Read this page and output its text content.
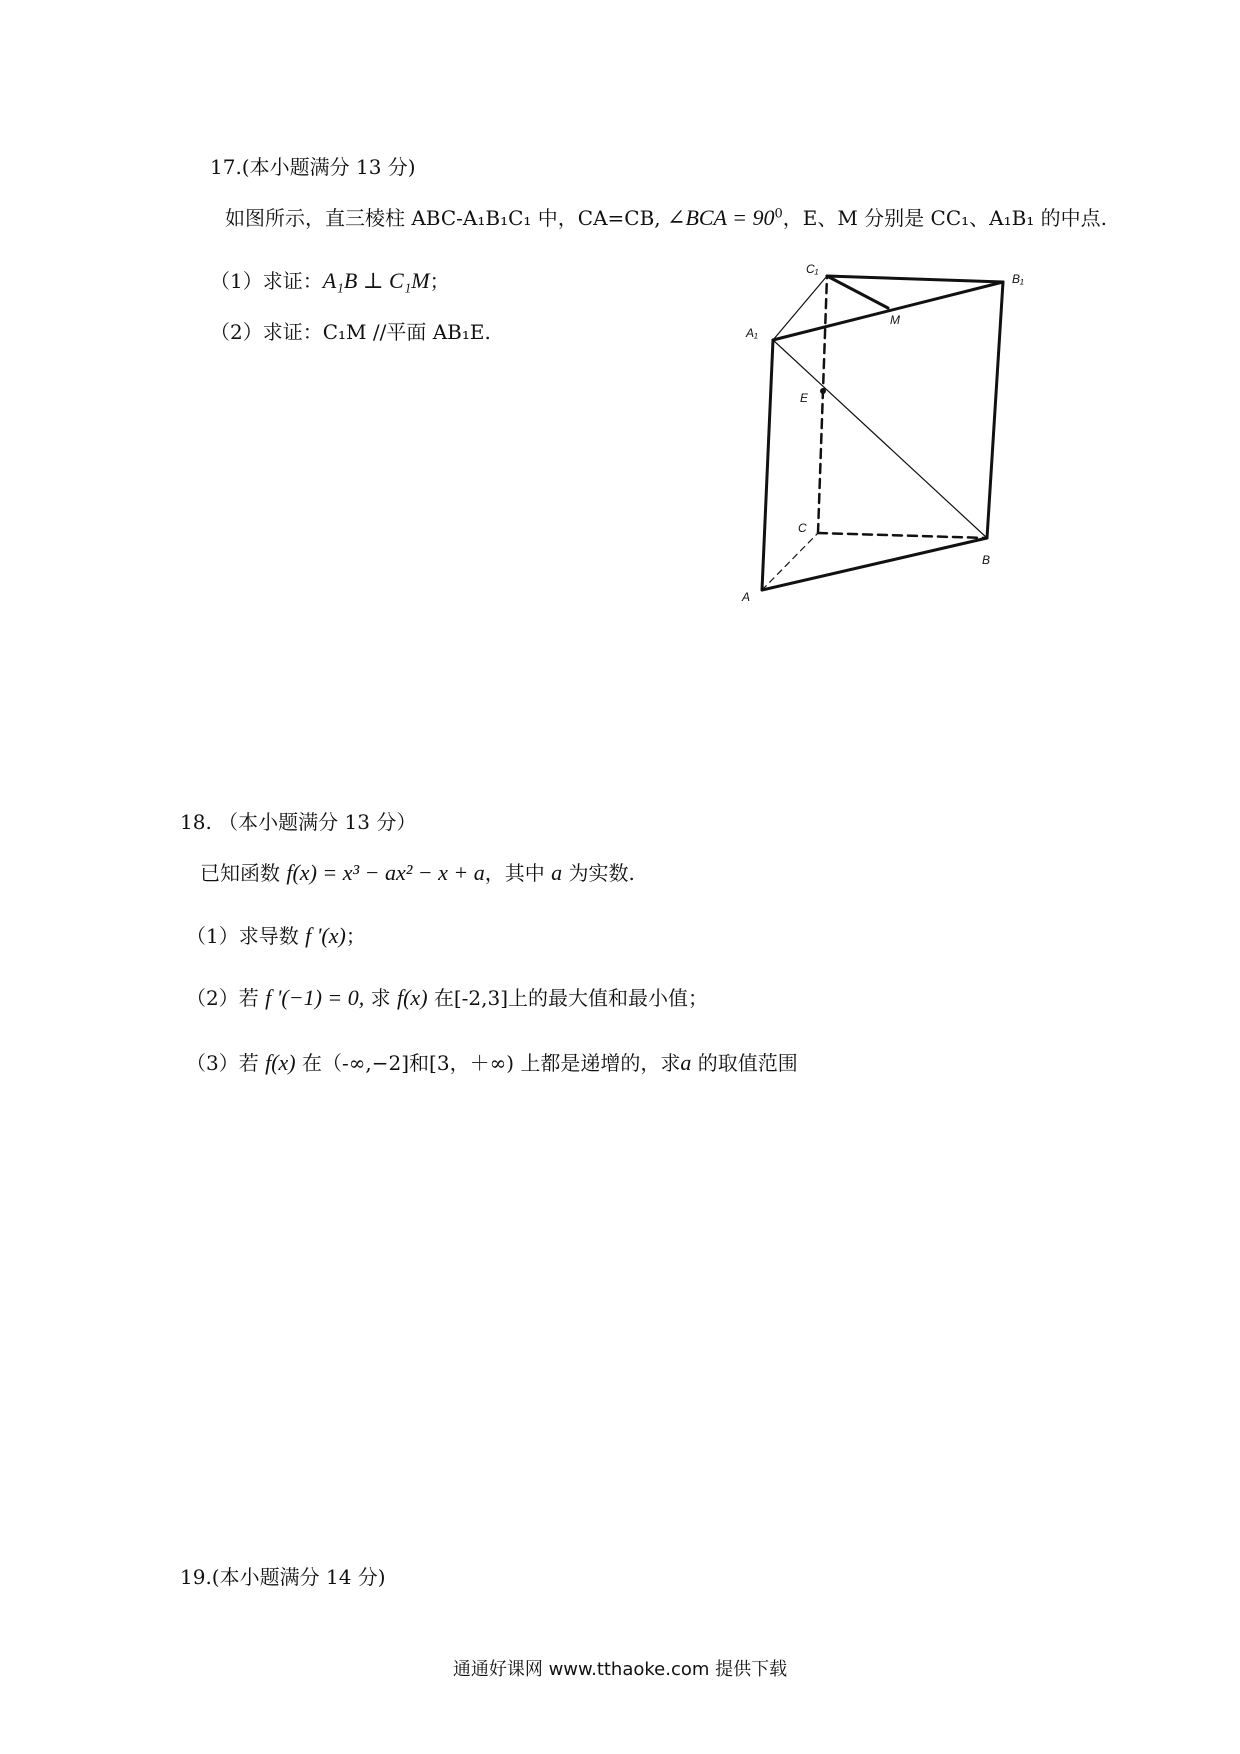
17.(本小题满分 13 分)
如图所示，直三棱柱 ABC-A₁B₁C₁ 中，CA=CB, ∠BCA = $90^0$，E、M 分别是 CC₁、A₁B₁ 的中点.
（1）求证：A₁B ⊥ C₁M；
（2）求证：C₁M //平面 AB₁E.
C₁
B₁
A₁
M
E
C
B
A
18. （本小题满分 13 分）
已知函数 f(x) = x³ − ax² − x + a，其中 a 为实数.
（1）求导数 f '(x)；
（2）若 f '(−1) = 0, 求 f(x) 在[-2,3]上的最大值和最小值；
（3）若 f(x) 在（-∞,−2]和[3，＋∞) 上都是递增的，求a 的取值范围
19.(本小题满分 14 分)
通通好课网 www.tthaoke.com 提供下载
